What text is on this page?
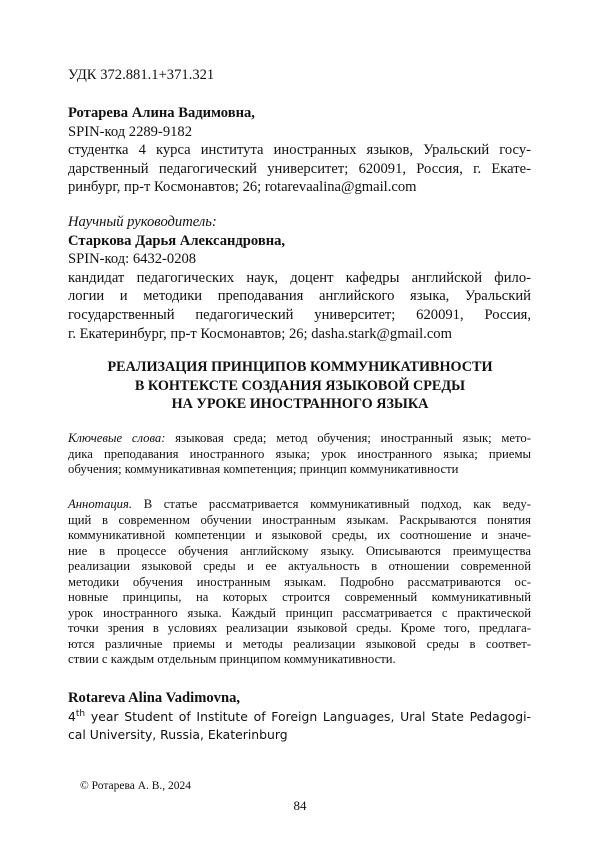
УДК 372.881.1+371.321
Ротарева Алина Вадимовна,
SPIN-код 2289-9182
студентка 4 курса института иностранных языков, Уральский госу-
дарственный педагогический университет; 620091, Россия, г. Екате-
ринбург, пр-т Космонавтов; 26; rotarevaalina@gmail.com
Научный руководитель:
Старкова Дарья Александровна,
SPIN-код: 6432-0208
кандидат педагогических наук, доцент кафедры английской фило-
логии и методики преподавания английского языка, Уральский
государственный педагогический университет; 620091, Россия,
г. Екатеринбург, пр-т Космонавтов; 26; dasha.stark@gmail.com
РЕАЛИЗАЦИЯ ПРИНЦИПОВ КОММУНИКАТИВНОСТИ
В КОНТЕКСТЕ СОЗДАНИЯ ЯЗЫКОВОЙ СРЕДЫ
НА УРОКЕ ИНОСТРАННОГО ЯЗЫКА
Ключевые слова: языковая среда; метод обучения; иностранный язык; мето-
дика преподавания иностранного языка; урок иностранного языка; приемы
обучения; коммуникативная компетенция; принцип коммуникативности
Аннотация. В статье рассматривается коммуникативный подход, как веду-
щий в современном обучении иностранным языкам. Раскрываются понятия
коммуникативной компетенции и языковой среды, их соотношение и значе-
ние в процессе обучения английскому языку. Описываются преимущества
реализации языковой среды и ее актуальность в отношении современной
методики обучения иностранным языкам. Подробно рассматриваются ос-
новные принципы, на которых строится современный коммуникативный
урок иностранного языка. Каждый принцип рассматривается с практической
точки зрения в условиях реализации языковой среды. Кроме того, предлага-
ются различные приемы и методы реализации языковой среды в соответ-
ствии с каждым отдельным принципом коммуникативности.
Rotareva Alina Vadimovna,
4th year Student of Institute of Foreign Languages, Ural State Pedagogi-
cal University, Russia, Ekaterinburg
© Ротарева А. В., 2024
84
